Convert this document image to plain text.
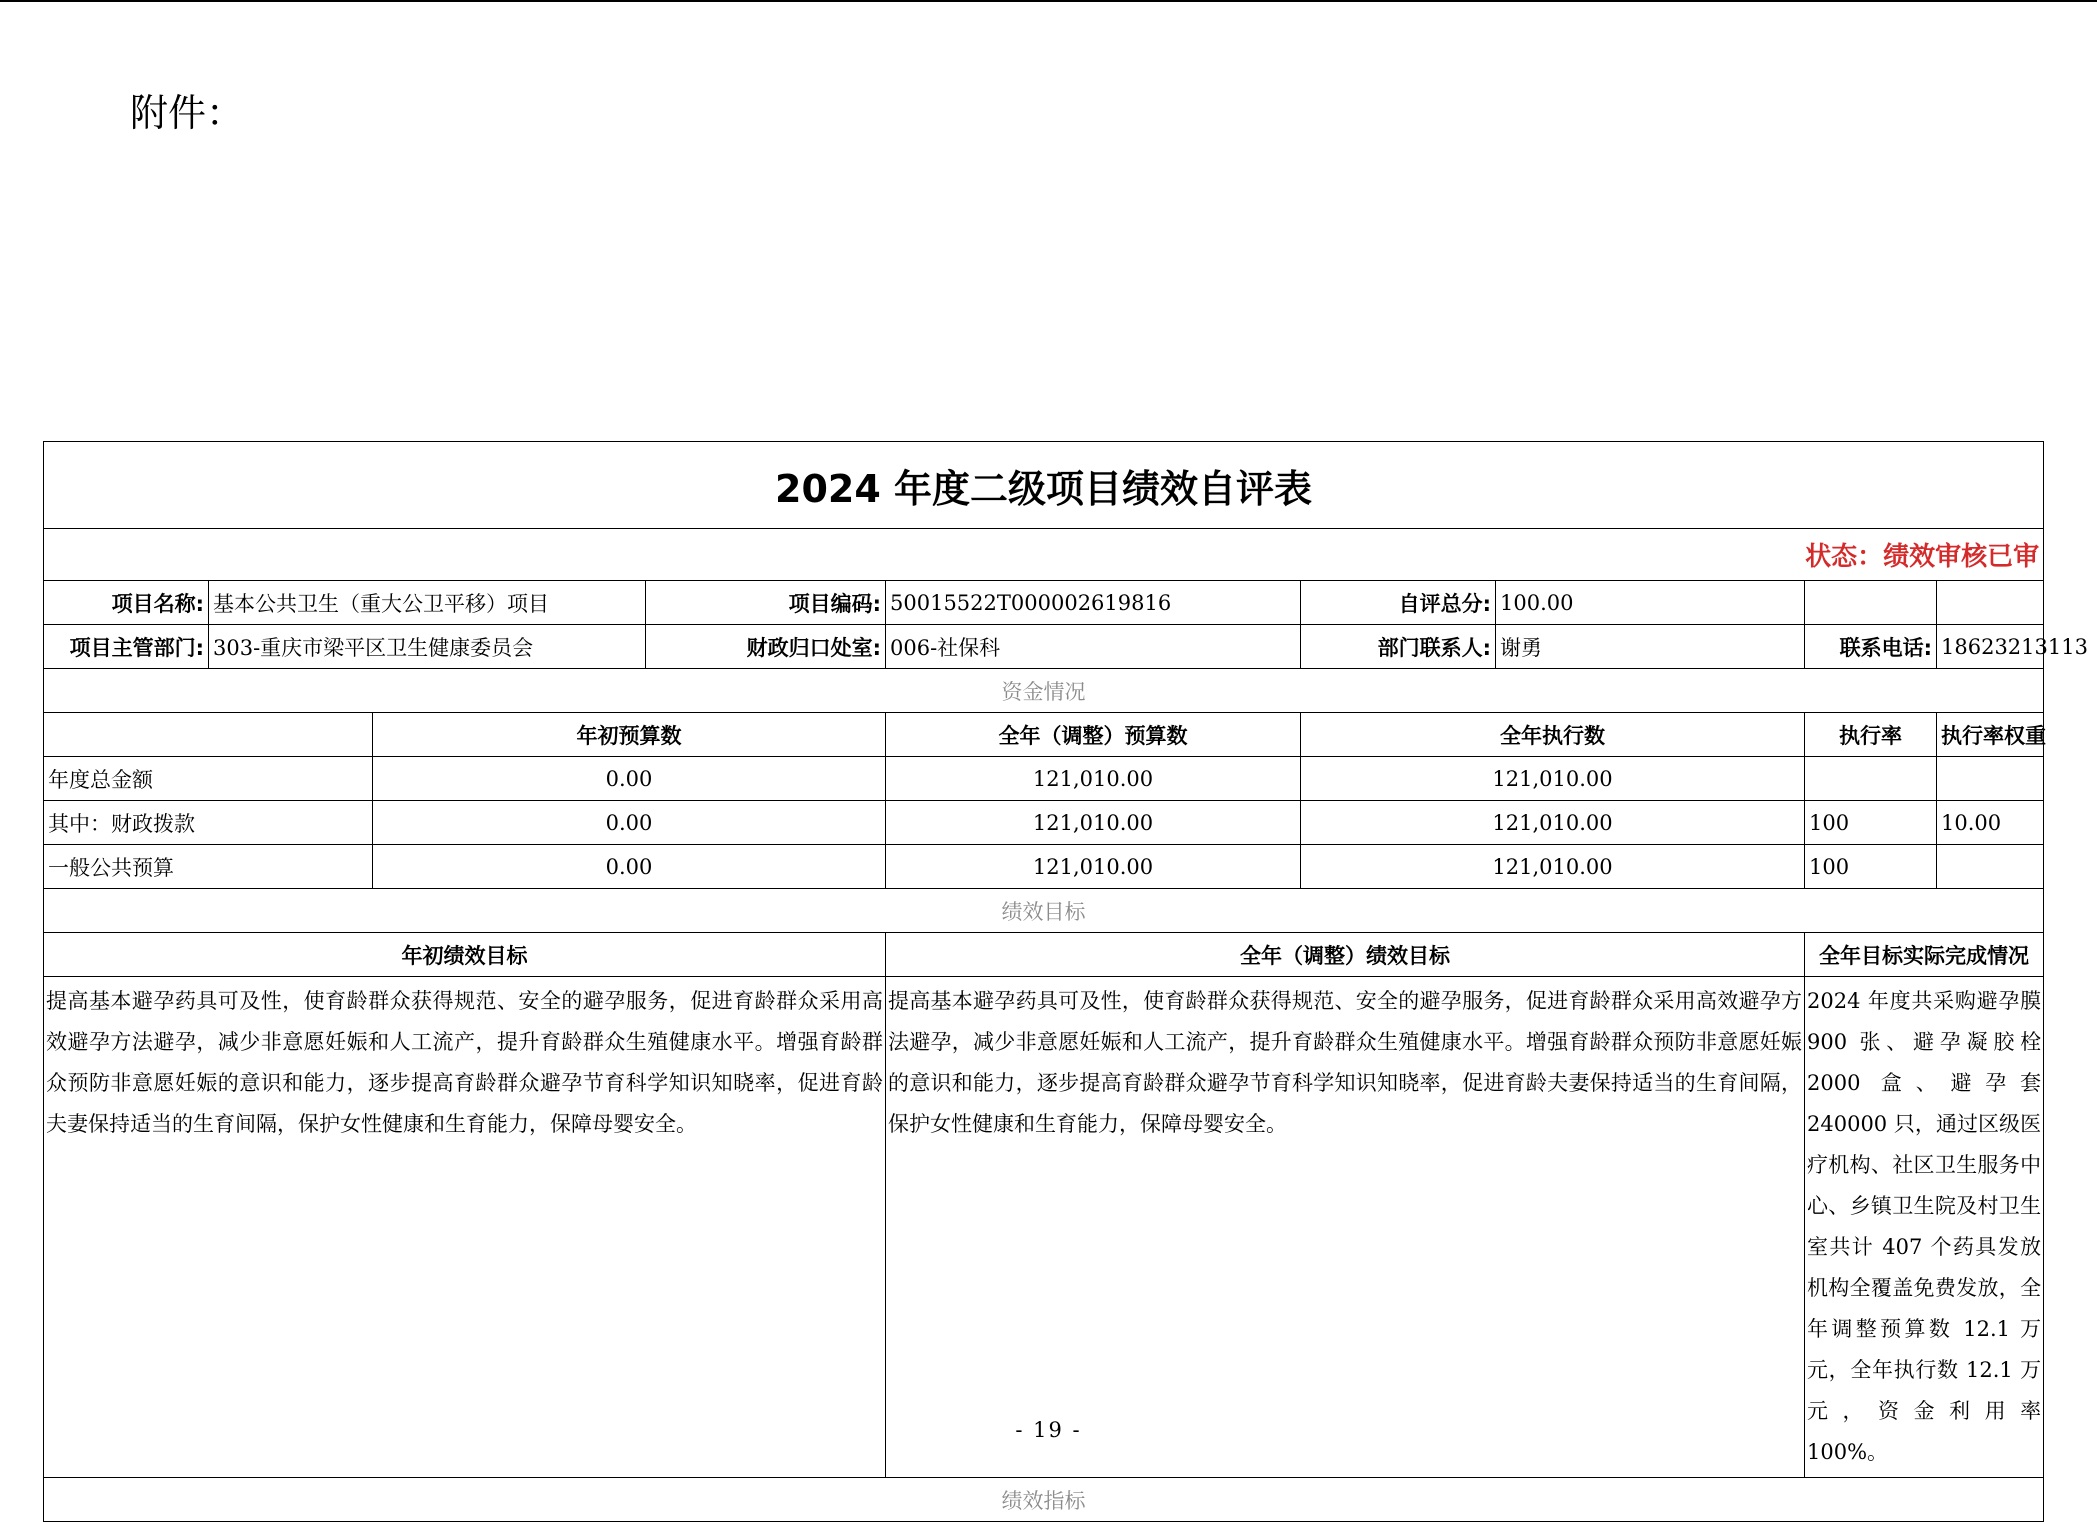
附件：
2024 年度二级项目绩效自评表									
状态：绩效审核已审									
项目名称:	基本公共卫生（重大公卫平移）项目		项目编码:	50015522T000002619816	自评总分:	100.00			
项目主管部门:	303-重庆市梁平区卫生健康委员会		财政归口处室:	006-社保科	部门联系人:	谢勇	联系电话:	18623213113	
资金情况									
		年初预算数		全年（调整）预算数	全年执行数		执行率	执行率权重	
年度总金额		0.00		121,010.00	121,010.00				
其中：财政拨款		0.00		121,010.00	121,010.00		100	10.00	
一般公共预算		0.00		121,010.00	121,010.00		100		
绩效目标									
年初绩效目标				全年（调整）绩效目标			全年目标实际完成情况		
提高基本避孕药具可及性，使育龄群众获得规范、安全的避孕服务，促进育龄群众采用高效避孕方法避孕，减少非意愿妊娠和人工流产，提升育龄群众生殖健康水平。增强育龄群众预防非意愿妊娠的意识和能力，逐步提高育龄群众避孕节育科学知识知晓率，促进育龄夫妻保持适当的生育间隔，保护女性健康和生育能力，保障母婴安全。				提高基本避孕药具可及性，使育龄群众获得规范、安全的避孕服务，促进育龄群众采用高效避孕方法避孕，减少非意愿妊娠和人工流产，提升育龄群众生殖健康水平。增强育龄群众预防非意愿妊娠的意识和能力，逐步提高育龄群众避孕节育科学知识知晓率，促进育龄夫妻保持适当的生育间隔，保护女性健康和生育能力，保障母婴安全。			2024 年度共采购避孕膜 900 张、避孕凝胶栓 2000 盒、避孕套 240000 只，通过区级医疗机构、社区卫生服务中心、乡镇卫生院及村卫生室共计 407 个药具发放机构全覆盖免费发放，全年调整预算数 12.1 万元，全年执行数 12.1 万元，资金利用率 100%。		
绩效指标									
- 19 -
